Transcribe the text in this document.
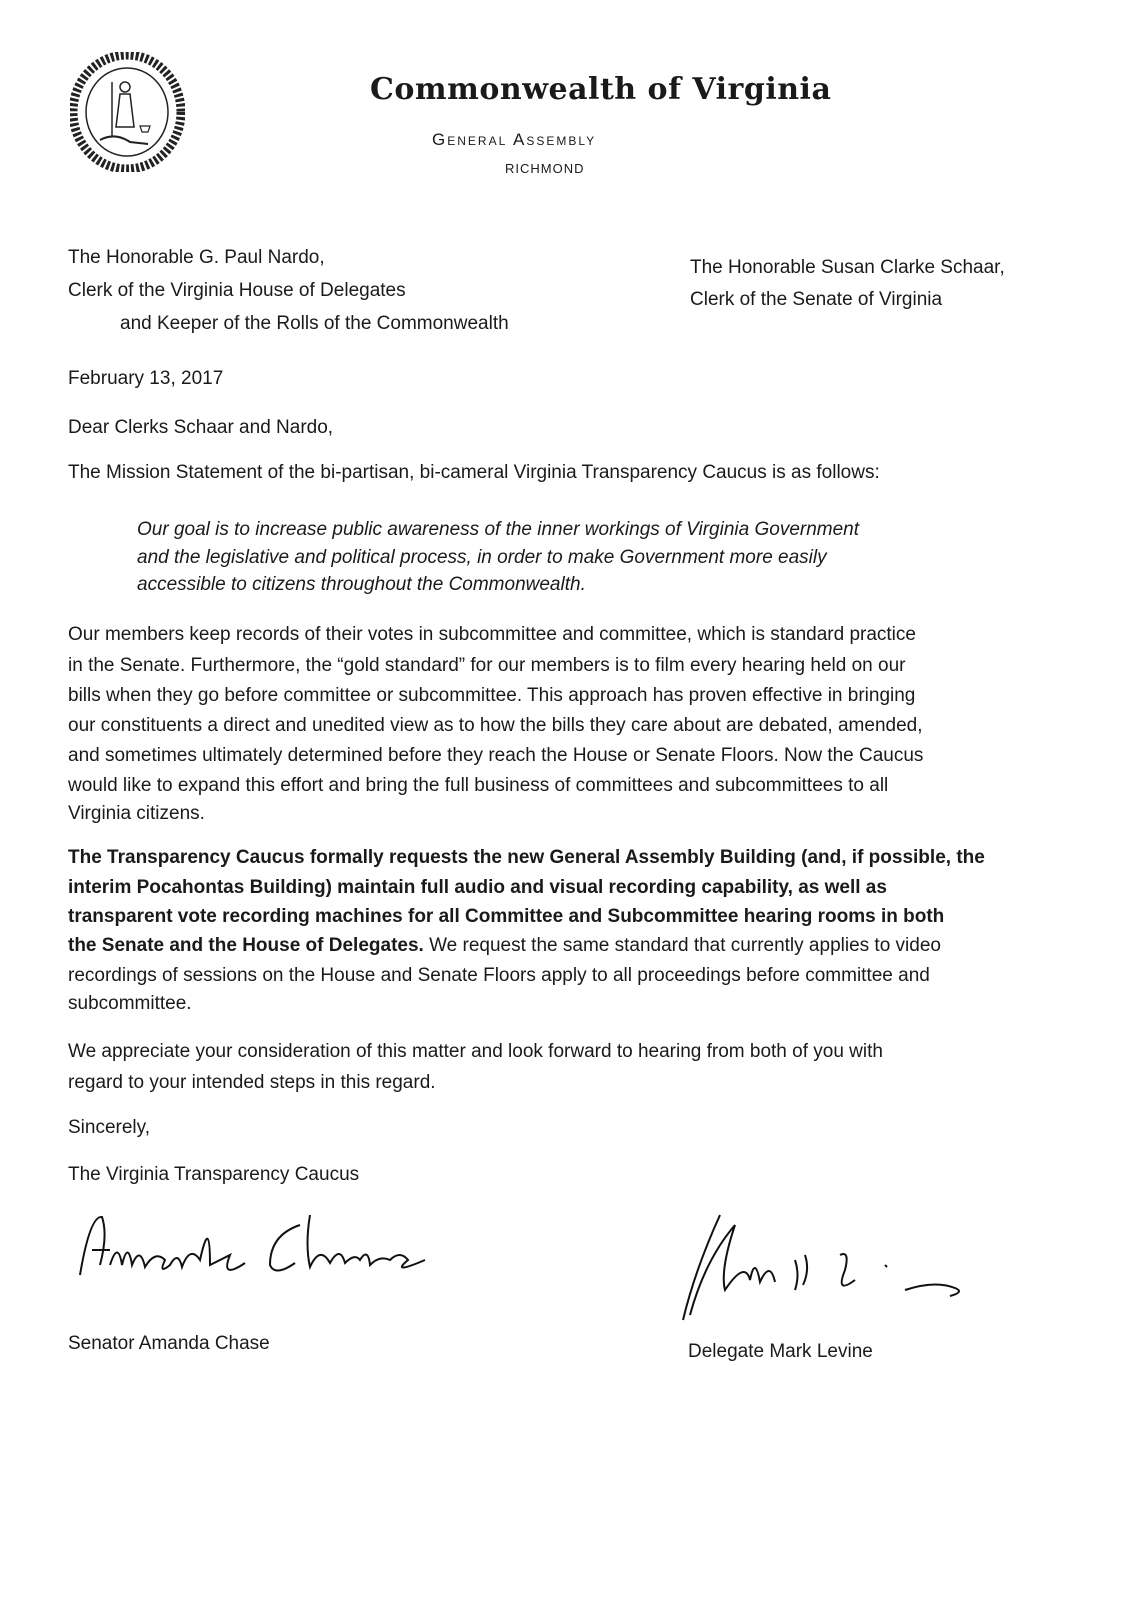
Commonwealth of Virginia
General Assembly
RICHMOND
The Honorable G. Paul Nardo,
Clerk of the Virginia House of Delegates
and Keeper of the Rolls of the Commonwealth
The Honorable Susan Clarke Schaar,
Clerk of the Senate of Virginia
February 13, 2017
Dear Clerks Schaar and Nardo,
The Mission Statement of the bi-partisan, bi-cameral Virginia Transparency Caucus is as follows:
Our goal is to increase public awareness of the inner workings of Virginia Government
and the legislative and political process, in order to make Government more easily
accessible to citizens throughout the Commonwealth.
Our members keep records of their votes in subcommittee and committee, which is standard practice
in the Senate. Furthermore, the “gold standard” for our members is to film every hearing held on our
bills when they go before committee or subcommittee. This approach has proven effective in bringing
our constituents a direct and unedited view as to how the bills they care about are debated, amended,
and sometimes ultimately determined before they reach the House or Senate Floors. Now the Caucus
would like to expand this effort and bring the full business of committees and subcommittees to all
Virginia citizens.
The Transparency Caucus formally requests the new General Assembly Building (and, if possible, the
interim Pocahontas Building) maintain full audio and visual recording capability, as well as
transparent vote recording machines for all Committee and Subcommittee hearing rooms in both
the Senate and the House of Delegates. We request the same standard that currently applies to video
recordings of sessions on the House and Senate Floors apply to all proceedings before committee and
subcommittee.
We appreciate your consideration of this matter and look forward to hearing from both of you with
regard to your intended steps in this regard.
Sincerely,
The Virginia Transparency Caucus
Senator Amanda Chase	Delegate Mark Levine
